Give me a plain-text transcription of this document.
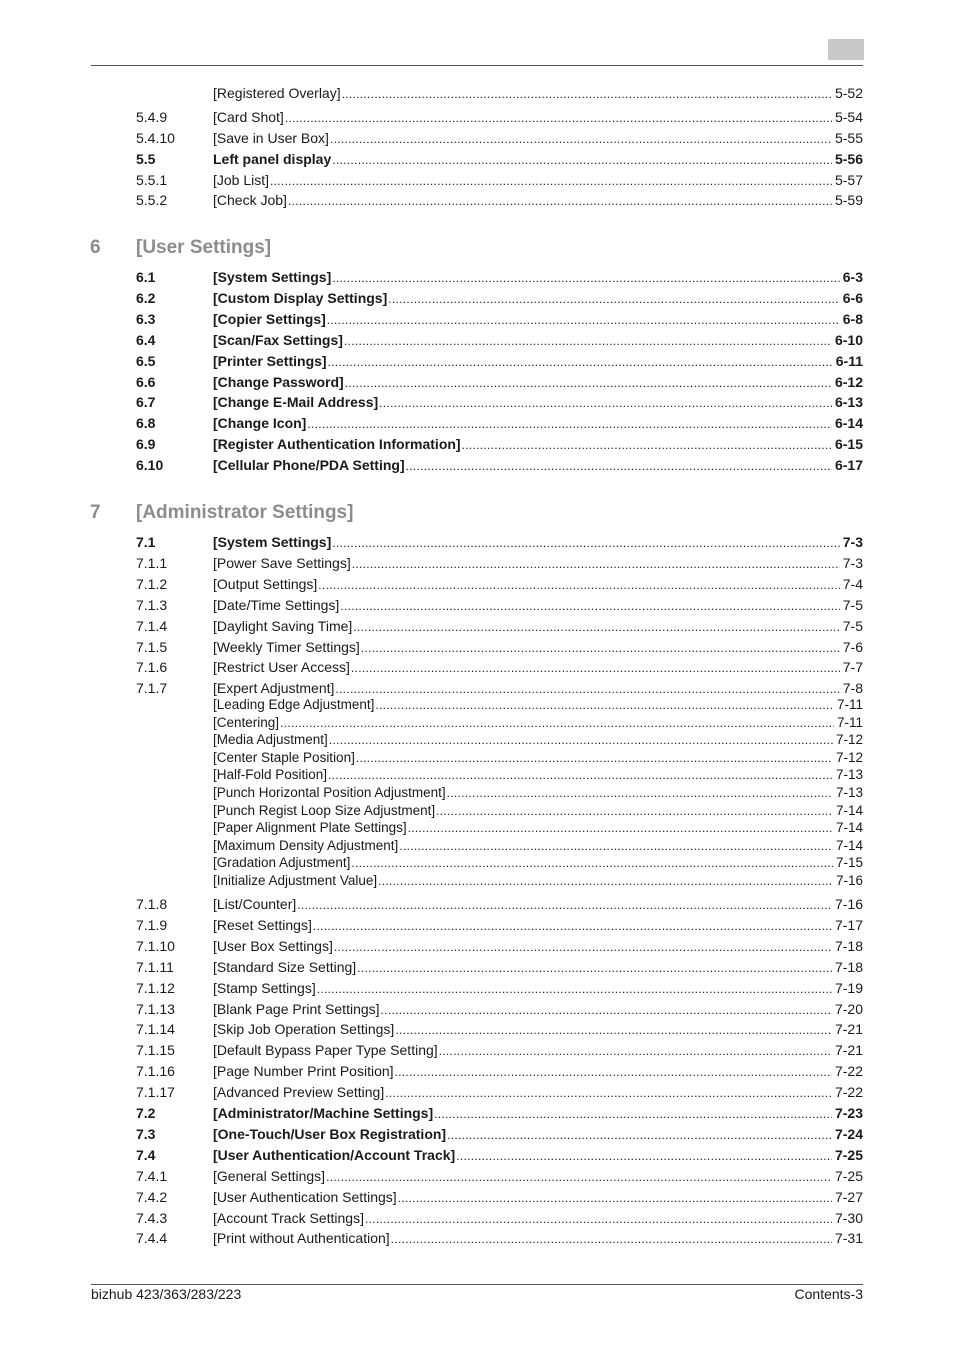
[Registered Overlay] .....	5-52
5.4.9	[Card Shot] .....	5-54
5.4.10	[Save in User Box] .....	5-55
5.5	Left panel display .....	5-56
5.5.1	[Job List] .....	5-57
5.5.2	[Check Job] .....	5-59
6.1	[System Settings] .....	6-3
6.2	[Custom Display Settings] .....	6-6
6.3	[Copier Settings] .....	6-8
6.4	[Scan/Fax Settings] .....	6-10
6.5	[Printer Settings] .....	6-11
6.6	[Change Password] .....	6-12
6.7	[Change E-Mail Address] .....	6-13
6.8	[Change Icon] .....	6-14
6.9	[Register Authentication Information] .....	6-15
6.10	[Cellular Phone/PDA Setting] .....	6-17
7.1	[System Settings] .....	7-3
7.1.1	[Power Save Settings] .....	7-3
7.1.2	[Output Settings] .....	7-4
7.1.3	[Date/Time Settings] .....	7-5
7.1.4	[Daylight Saving Time] .....	7-5
7.1.5	[Weekly Timer Settings] .....	7-6
7.1.6	[Restrict User Access] .....	7-7
7.1.7	[Expert Adjustment] .....	7-8
[Leading Edge Adjustment] .....	7-11
[Centering] .....	7-11
[Media Adjustment] .....	7-12
[Center Staple Position] .....	7-12
[Half-Fold Position] .....	7-13
[Punch Horizontal Position Adjustment] .....	7-13
[Punch Regist Loop Size Adjustment] .....	7-14
[Paper Alignment Plate Settings] .....	7-14
[Maximum Density Adjustment] .....	7-14
[Gradation Adjustment] .....	7-15
[Initialize Adjustment Value] .....	7-16
7.1.8	[List/Counter] .....	7-16
7.1.9	[Reset Settings] .....	7-17
7.1.10	[User Box Settings] .....	7-18
7.1.11	[Standard Size Setting] .....	7-18
7.1.12	[Stamp Settings] .....	7-19
7.1.13	[Blank Page Print Settings] .....	7-20
7.1.14	[Skip Job Operation Settings] .....	7-21
7.1.15	[Default Bypass Paper Type Setting] .....	7-21
7.1.16	[Page Number Print Position] .....	7-22
7.1.17	[Advanced Preview Setting] .....	7-22
7.2	[Administrator/Machine Settings] .....	7-23
7.3	[One-Touch/User Box Registration] .....	7-24
7.4	[User Authentication/Account Track] .....	7-25
7.4.1	[General Settings] .....	7-25
7.4.2	[User Authentication Settings] .....	7-27
7.4.3	[Account Track Settings] .....	7-30
7.4.4	[Print without Authentication] .....	7-31
6	[User Settings]
7	[Administrator Settings]
bizhub 423/363/283/223	Contents-3
